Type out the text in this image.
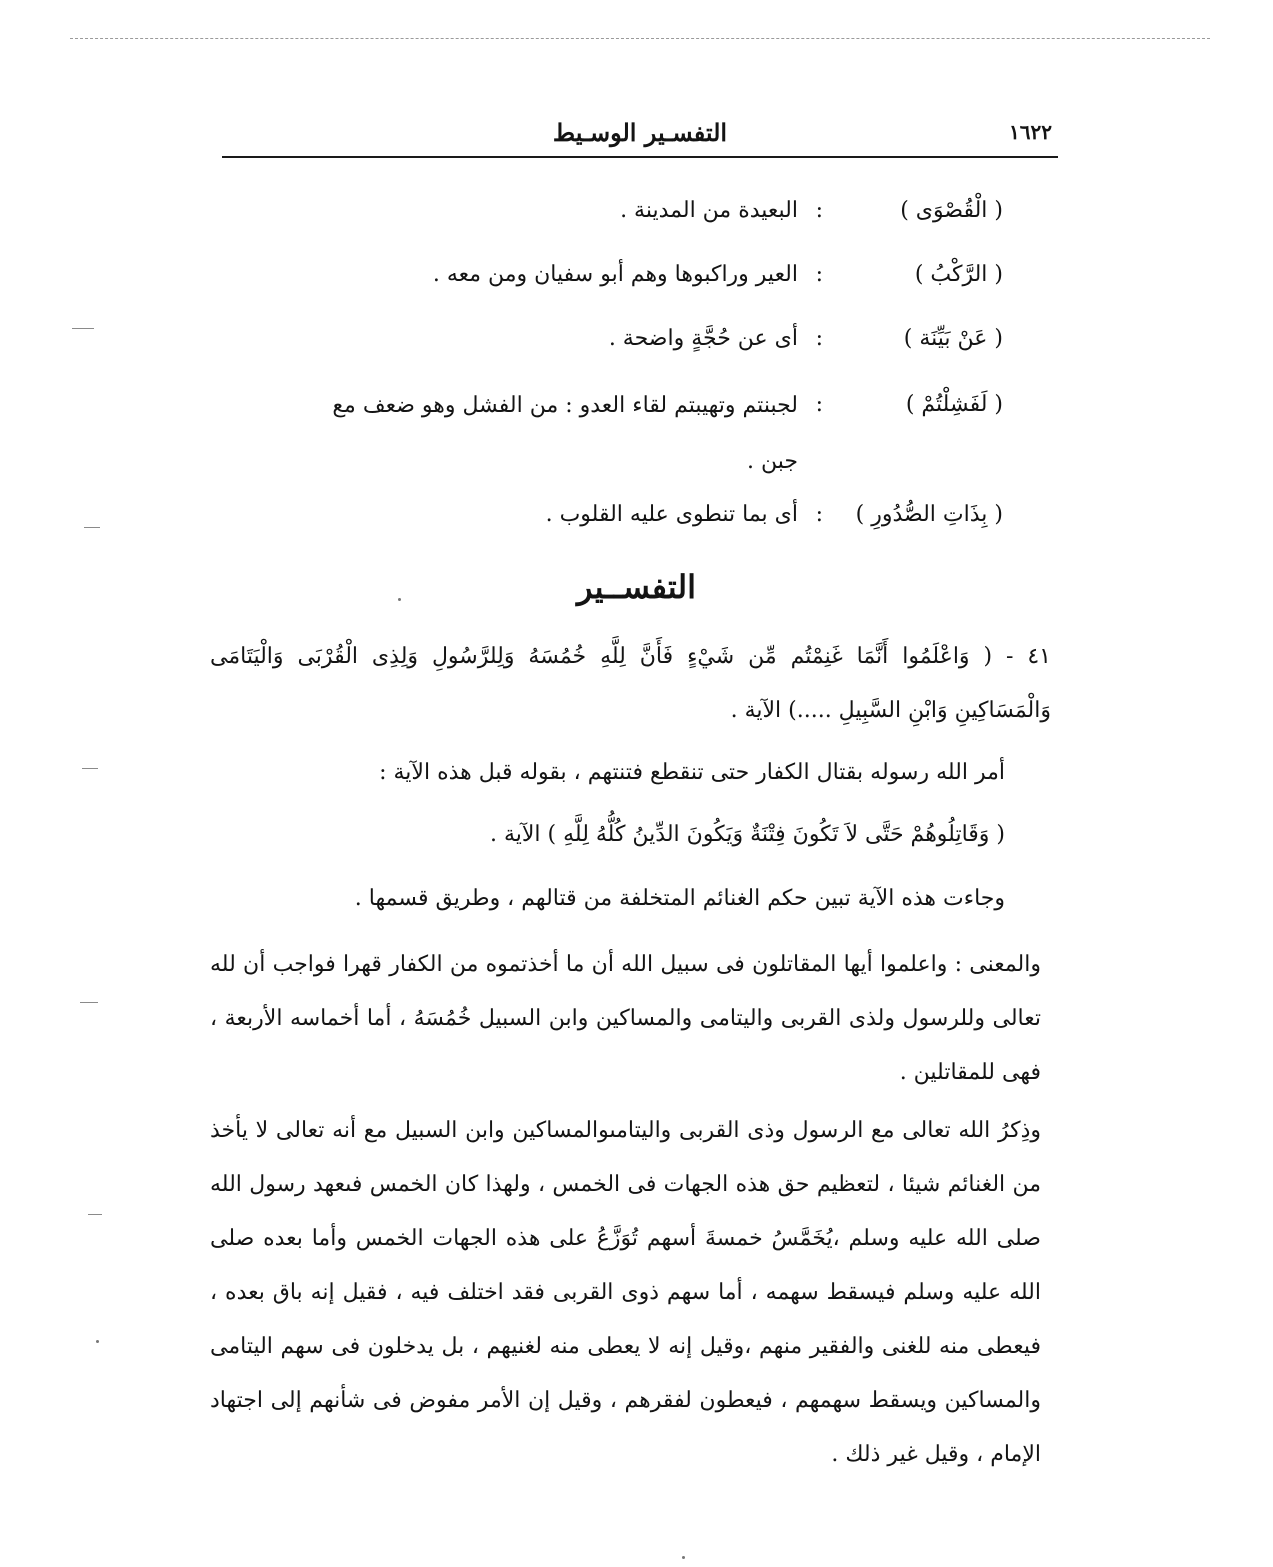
١٦٢٢
التفسـير الوسـيط
( الْقُصْوَى )
:
البعيدة من المدينة .
( الرَّكْبُ )
:
العير وراكبوها وهم أبو سفيان ومن معه .
( عَنْ بَيِّنَة )
:
أى عن حُجَّةٍ واضحة .
( لَفَشِلْتُمْ )
:
لجبنتم وتهيبتم لقاء العدو : من الفشل وهو ضعف مع جبن .
( بِذَاتِ الصُّدُورِ )
:
أى بما تنطوى عليه القلوب .
التفســير

٤١ - ( وَاعْلَمُوا أَنَّمَا غَنِمْتُم مِّن شَيْءٍ فَأَنَّ لِلَّهِ خُمُسَهُ وَلِلرَّسُولِ وَلِذِى الْقُرْبَى وَالْيَتَامَى وَالْمَسَاكِينِ وَابْنِ السَّبِيلِ .....) الآية .

أمر الله رسوله بقتال الكفار حتى تنقطع فتنتهم ، بقوله قبل هذه الآية :

( وَقَاتِلُوهُمْ حَتَّى لاَ تَكُونَ فِتْنَةٌ وَيَكُونَ الدِّينُ كُلُّهُ لِلَّهِ ) الآية .

وجاءت هذه الآية تبين حكم الغنائم المتخلفة من قتالهم ، وطريق قسمها .

والمعنى : واعلموا أيها المقاتلون فى سبيل الله أن ما أخذتموه من الكفار قهرا فواجب أن لله تعالى وللرسول ولذى القربى واليتامى والمساكين وابن السبيل خُمُسَهُ ، أما أخماسه الأربعة ، فهى للمقاتلين .

وذِكرُ الله تعالى مع الرسول وذى القربى واليتامىوالمساكين وابن السبيل مع أنه تعالى لا يأخذ من الغنائم شيئا ، لتعظيم حق هذه الجهات فى الخمس ، ولهذا كان الخمس فىعهد رسول الله صلى الله عليه وسلم ،يُخَمَّسُ خمسةَ أسهم تُوَزَّعُ على هذه الجهات الخمس وأما بعده صلى الله عليه وسلم فيسقط سهمه ، أما سهم ذوى القربى فقد اختلف فيه ، فقيل إنه باق بعده ، فيعطى منه للغنى والفقير منهم ،وقيل إنه لا يعطى منه لغنيهم ، بل يدخلون فى سهم اليتامى والمساكين ويسقط سهمهم ، فيعطون لفقرهم ، وقيل إن الأمر مفوض فى شأنهم إلى اجتهاد الإمام ، وقيل غير ذلك .
